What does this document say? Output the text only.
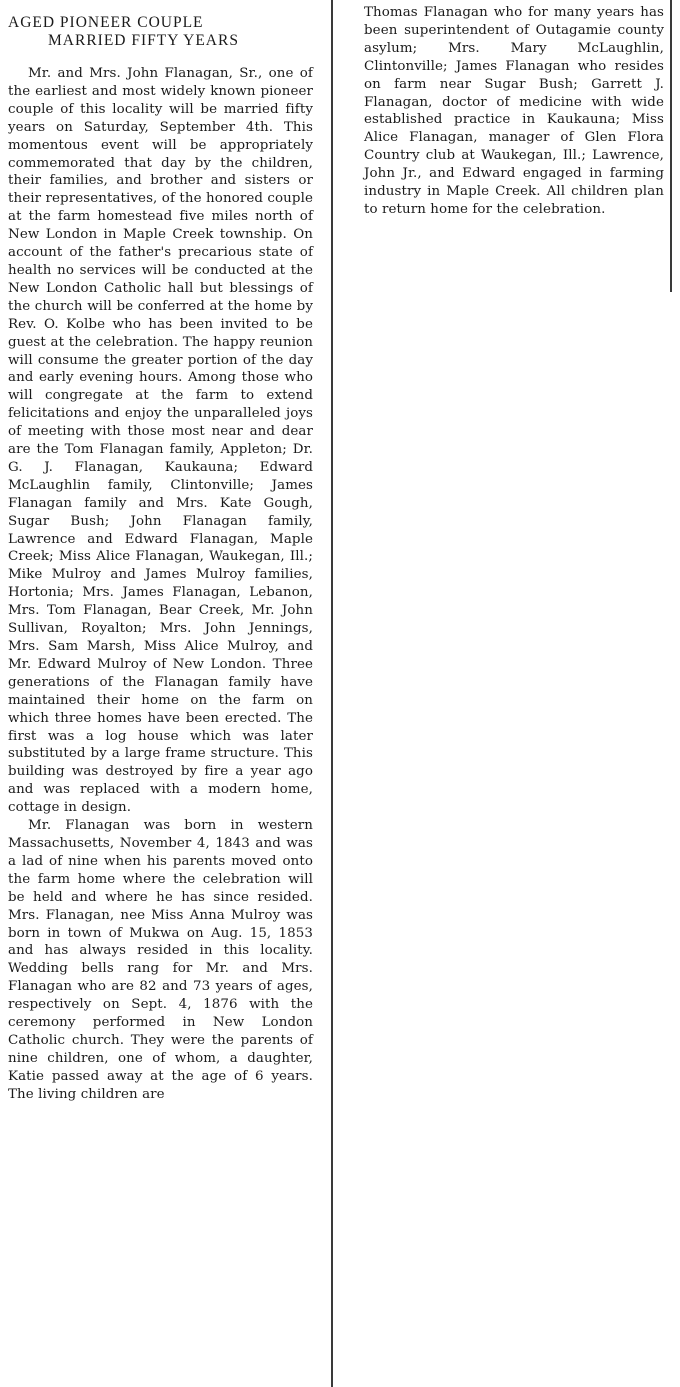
AGED PIONEER COUPLE
MARRIED FIFTY YEARS

Mr. and Mrs. John Flanagan, Sr., one of the earliest and most widely known pioneer couple of this locality will be married fifty years on Saturday, September 4th. This momentous event will be appropriately commemorated that day by the children, their families, and brother and sisters or their representatives, of the honored couple at the farm homestead five miles north of New London in Maple Creek township. On account of the father's precarious state of health no services will be conducted at the New London Catholic hall but blessings of the church will be conferred at the home by Rev. O. Kolbe who has been invited to be guest at the celebration. The happy reunion will consume the greater portion of the day and early evening hours. Among those who will congregate at the farm to extend felicitations and enjoy the unparalleled joys of meeting with those most near and dear are the Tom Flanagan family, Appleton; Dr. G. J. Flanagan, Kaukauna; Edward McLaughlin family, Clintonville; James Flanagan family and Mrs. Kate Gough, Sugar Bush; John Flanagan family, Lawrence and Edward Flanagan, Maple Creek; Miss Alice Flanagan, Waukegan, Ill.; Mike Mulroy and James Mulroy families, Hortonia; Mrs. James Flanagan, Lebanon, Mrs. Tom Flanagan, Bear Creek, Mr. John Sullivan, Royalton; Mrs. John Jennings, Mrs. Sam Marsh, Miss Alice Mulroy, and Mr. Edward Mulroy of New London. Three generations of the Flanagan family have maintained their home on the farm on which three homes have been erected. The first was a log house which was later substituted by a large frame structure. This building was destroyed by fire a year ago and was replaced with a modern home, cottage in design.

Mr. Flanagan was born in western Massachusetts, November 4, 1843 and was a lad of nine when his parents moved onto the farm home where the celebration will be held and where he has since resided. Mrs. Flanagan, nee Miss Anna Mulroy was born in town of Mukwa on Aug. 15, 1853 and has always resided in this locality. Wedding bells rang for Mr. and Mrs. Flanagan who are 82 and 73 years of ages, respectively on Sept. 4, 1876 with the ceremony performed in New London Catholic church. They were the parents of nine children, one of whom, a daughter, Katie passed away at the age of 6 years. The living children are

Thomas Flanagan who for many years has been superintendent of Outagamie county asylum; Mrs. Mary McLaughlin, Clintonville; James Flanagan who resides on farm near Sugar Bush; Garrett J. Flanagan, doctor of medicine with wide established practice in Kaukauna; Miss Alice Flanagan, manager of Glen Flora Country club at Waukegan, Ill.; Lawrence, John Jr., and Edward engaged in farming industry in Maple Creek. All children plan to return home for the celebration.
